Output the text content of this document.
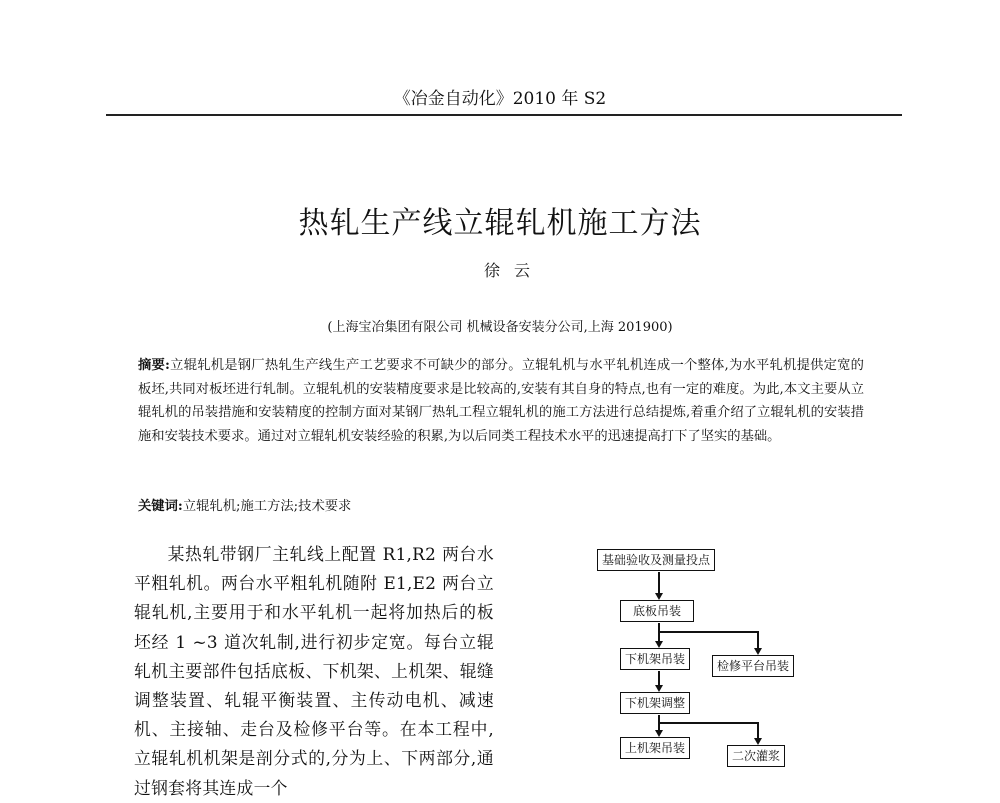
《冶金自动化》2010 年 S2
热轧生产线立辊轧机施工方法
徐云
(上海宝冶集团有限公司 机械设备安装分公司,上海 201900)
摘要:立辊轧机是钢厂热轧生产线生产工艺要求不可缺少的部分。立辊轧机与水平轧机连成一个整体,为水平轧机提供定宽的板坯,共同对板坯进行轧制。立辊轧机的安装精度要求是比较高的,安装有其自身的特点,也有一定的难度。为此,本文主要从立辊轧机的吊装措施和安装精度的控制方面对某钢厂热轧工程立辊轧机的施工方法进行总结提炼,着重介绍了立辊轧机的安装措施和安装技术要求。通过对立辊轧机安装经验的积累,为以后同类工程技术水平的迅速提高打下了坚实的基础。
关键词:立辊轧机;施工方法;技术要求
某热轧带钢厂主轧线上配置 R1,R2 两台水平粗轧机。两台水平粗轧机随附 E1,E2 两台立辊轧机,主要用于和水平轧机一起将加热后的板坯经 1 ~3 道次轧制,进行初步定宽。每台立辊轧机主要部件包括底板、下机架、上机架、辊缝调整装置、轧辊平衡装置、主传动电机、减速机、主接轴、走台及检修平台等。在本工程中,立辊轧机机架是剖分式的,分为上、下两部分,通过钢套将其连成一个
基础验收及测量投点
底板吊装
下机架吊装	检修平台吊装
下机架调整
上机架吊装
二次灌浆
